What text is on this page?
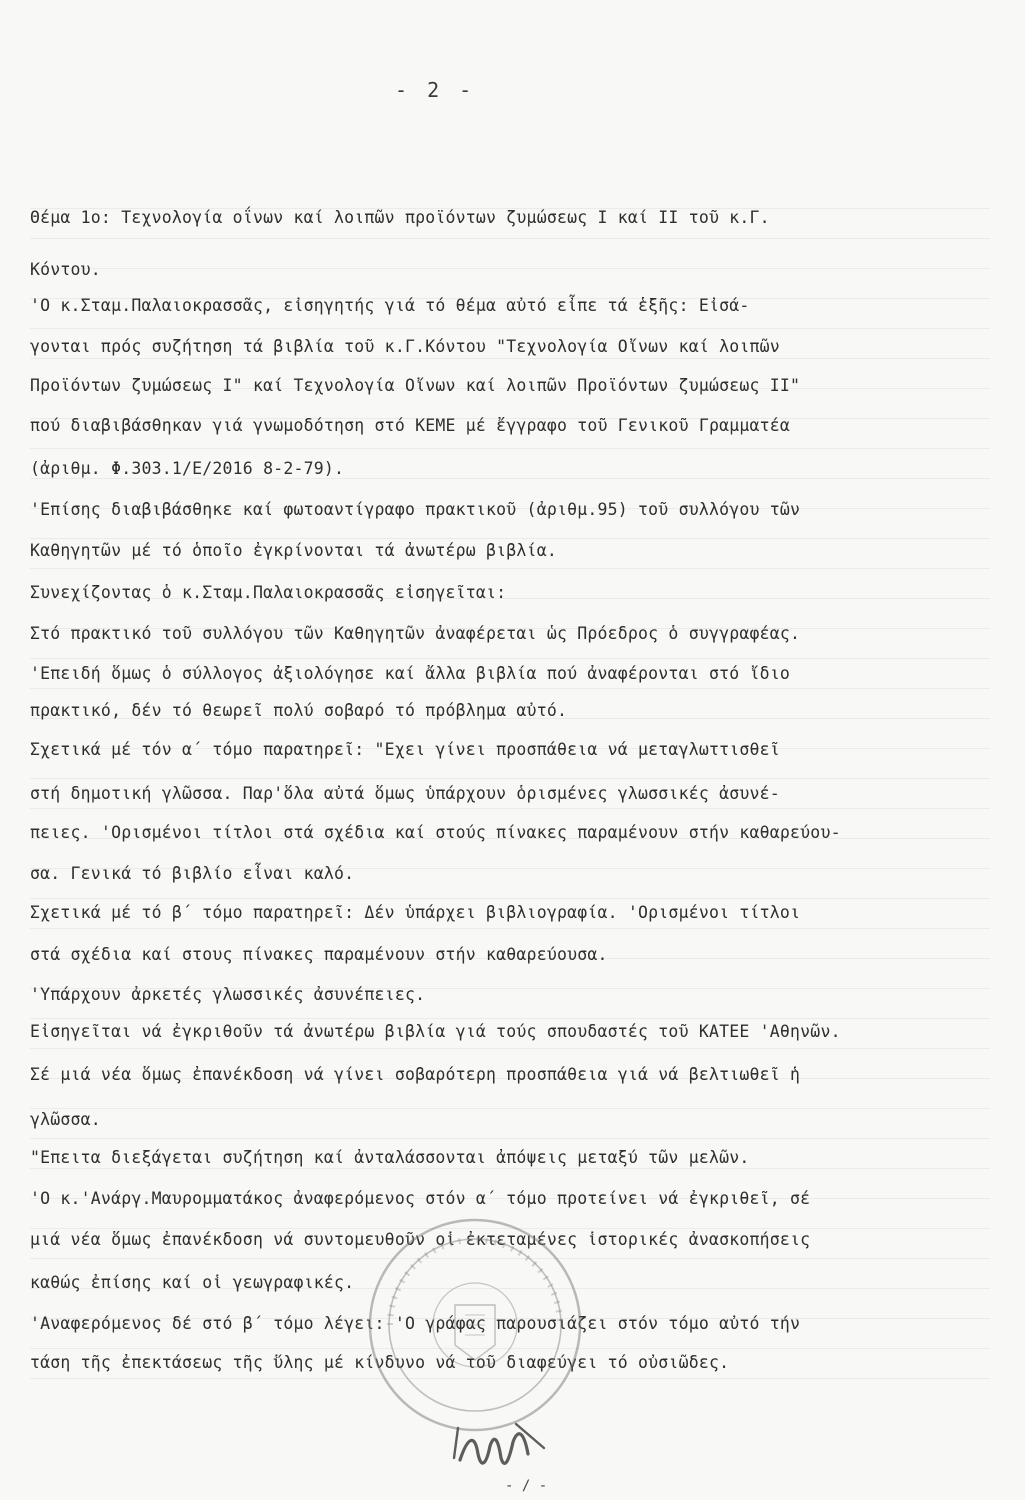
- 2 -
Θέμα 1ο: Τεχνολογία οΐνων καί λοιπῶν προϊόντων ζυμώσεως Ι καί ΙΙ τοῦ κ.Γ.
Κόντου.
'Ο κ.Σταμ.Παλαιοκρασσᾶς, εἰσηγητής γιά τό θέμα αὐτό εἶπε τά ἑξῆς: Εἰσά-
γονται πρός συζήτηση τά βιβλία τοῦ κ.Γ.Κόντου "Τεχνολογία Οἴνων καί λοιπῶν
Προϊόντων ζυμώσεως Ι" καί Τεχνολογία Οἴνων καί λοιπῶν Προϊόντων ζυμώσεως ΙΙ"
πού διαβιβάσθηκαν γιά γνωμοδότηση στό ΚΕΜΕ μέ ἔγγραφο τοῦ Γενικοῦ Γραμματέα
(ἀριθμ. Φ.303.1/Ε/2016 8-2-79).
'Επίσης διαβιβάσθηκε καί φωτοαντίγραφο πρακτικοῦ (ἀριθμ.95) τοῦ συλλόγου τῶν
Καθηγητῶν μέ τό ὁποῖο ἐγκρίνονται τά ἀνωτέρω βιβλία.
Συνεχίζοντας ὁ κ.Σταμ.Παλαιοκρασσᾶς εἰσηγεῖται:
Στό πρακτικό τοῦ συλλόγου τῶν Καθηγητῶν ἀναφέρεται ὡς Πρόεδρος ὁ συγγραφέας.
'Επειδή ὅμως ὁ σύλλογος ἀξιολόγησε καί ἄλλα βιβλία πού ἀναφέρονται στό ἴδιο
πρακτικό, δέν τό θεωρεῖ πολύ σοβαρό τό πρόβλημα αὐτό.
Σχετικά μέ τόν α΄ τόμο παρατηρεῖ: "Εχει γίνει προσπάθεια νά μεταγλωττισθεῖ
στή δημοτική γλῶσσα. Παρ'ὅλα αὐτά ὅμως ὑπάρχουν ὁρισμένες γλωσσικές ἀσυνέ-
πειες. 'Ορισμένοι τίτλοι στά σχέδια καί στούς πίνακες παραμένουν στήν καθαρεύου-
σα. Γενικά τό βιβλίο εἶναι καλό.
Σχετικά μέ τό β΄ τόμο παρατηρεῖ: Δέν ὑπάρχει βιβλιογραφία. 'Ορισμένοι τίτλοι
στά σχέδια καί στους πίνακες παραμένουν στήν καθαρεύουσα.
'Υπάρχουν ἀρκετές γλωσσικές ἀσυνέπειες.
Εἰσηγεῖται νά ἐγκριθοῦν τά ἀνωτέρω βιβλία γιά τούς σπουδαστές τοῦ ΚΑΤΕΕ 'Αθηνῶν.
Σέ μιά νέα ὅμως ἐπανέκδοση νά γίνει σοβαρότερη προσπάθεια γιά νά βελτιωθεῖ ἡ
γλῶσσα.
"Επειτα διεξάγεται συζήτηση καί ἀνταλάσσονται ἀπόψεις μεταξύ τῶν μελῶν.
'Ο κ.'Ανάργ.Μαυρομματάκος ἀναφερόμενος στόν α΄ τόμο προτείνει νά ἐγκριθεῖ, σέ
μιά νέα ὅμως ἐπανέκδοση νά συντομευθοῦν οἱ ἐκτεταμένες ἱστορικές ἀνασκοπήσεις
καθώς ἐπίσης καί οἱ γεωγραφικές.
'Αναφερόμενος δέ στό β΄ τόμο λέγει: 'Ο γράφας παρουσιάζει στόν τόμο αὐτό τήν
τάση τῆς ἐπεκτάσεως τῆς ὕλης μέ κίνδυνο νά τοῦ διαφεύγει τό οὐσιῶδες.
- / -
